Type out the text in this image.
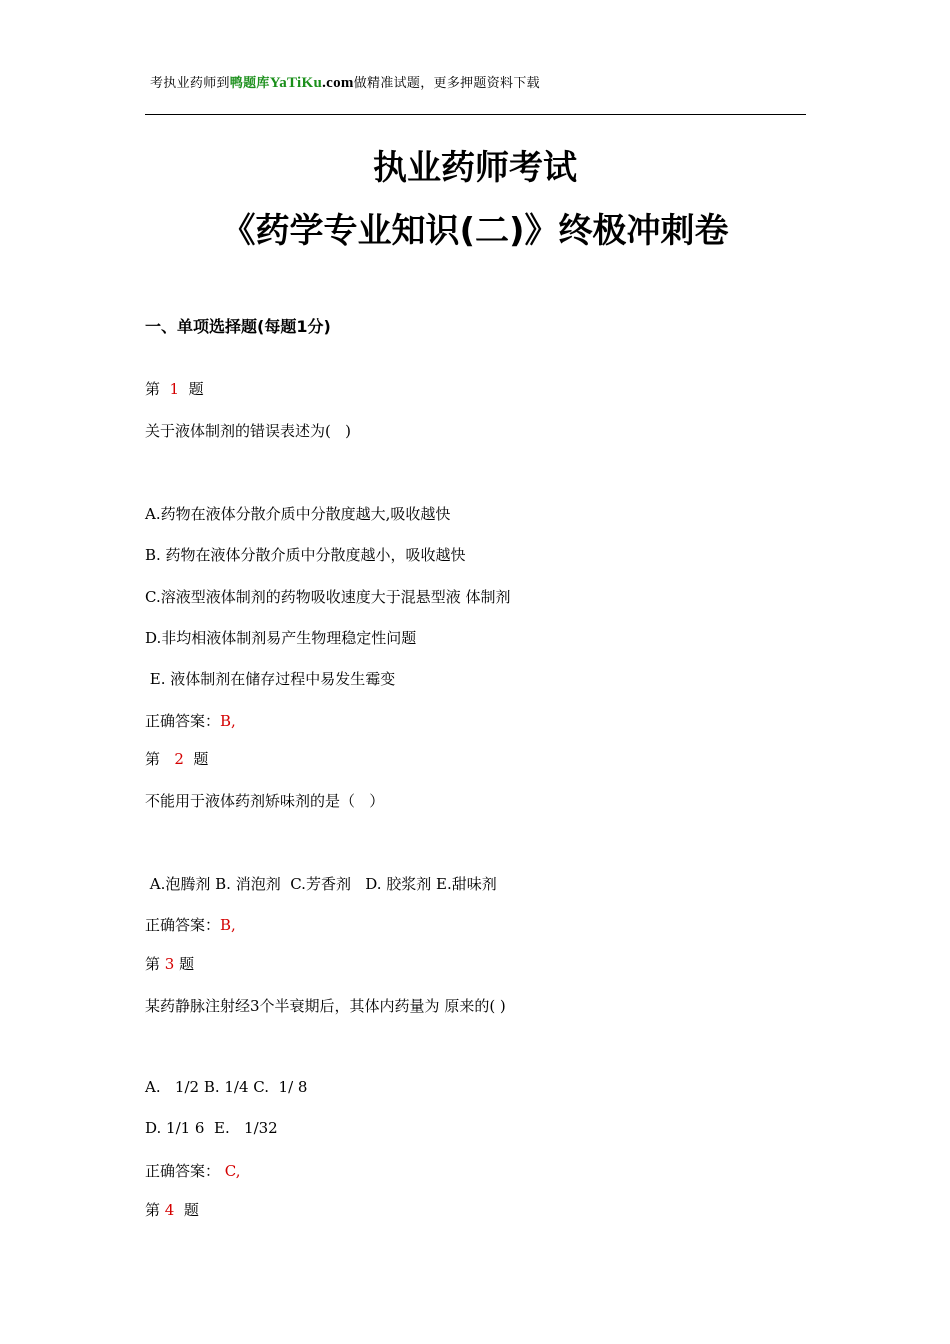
考执业药师到鸭题库YaTiKu.com做精准试题，更多押题资料下载
执业药师考试
《药学专业知识(二)》终极冲刺卷
一、单项选择题(每题1分)
第  1  题
关于液体制剂的错误表述为(   )
A.药物在液体分散介质中分散度越大,吸收越快
B. 药物在液体分散介质中分散度越小，吸收越快
C.溶液型液体制剂的药物吸收速度大于混悬型液 体制剂
D.非均相液体制剂易产生物理稳定性问题
E. 液体制剂在储存过程中易发生霉变
正确答案：B,
第   2  题
不能用于液体药剂矫味剂的是（   ）
A.泡腾剂 B. 消泡剂  C.芳香剂   D. 胶浆剂 E.甜味剂
正确答案：B,
第 3 题
某药静脉注射经3个半衰期后，其体内药量为 原来的( )
A.   1/2 B. 1/4 C.  1/ 8
D. 1/1 6  E.   1/32
正确答案： C,
第 4  题
